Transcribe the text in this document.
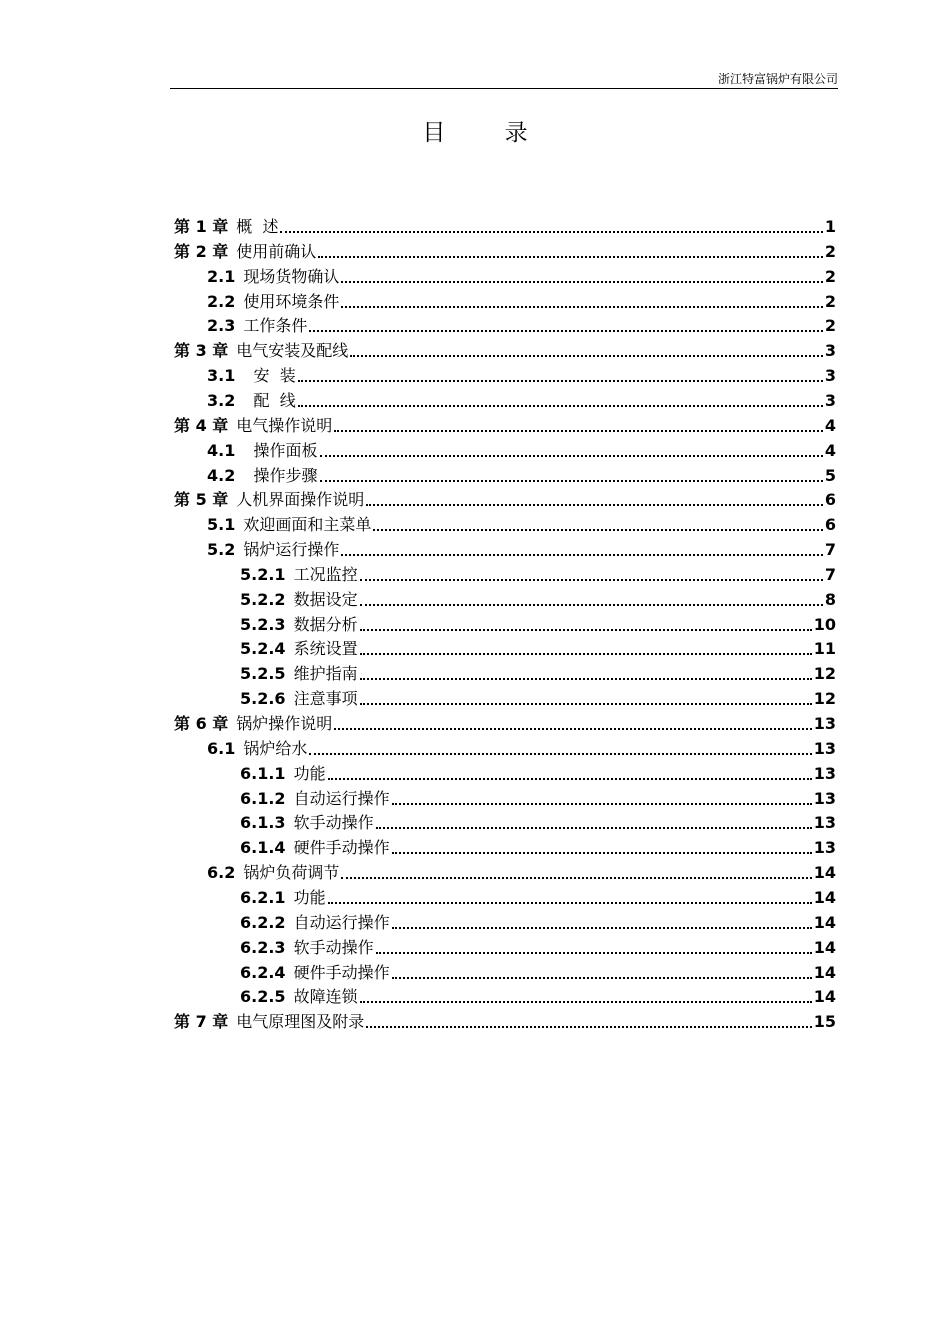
浙江特富锅炉有限公司
目	录
第 1 章 概  述	1
第 2 章 使用前确认	2
2.1 现场货物确认	2
2.2 使用环境条件	2
2.3 工作条件	2
第 3 章 电气安装及配线	3
3.1 安  装	3
3.2 配  线	3
第 4 章 电气操作说明	4
4.1 操作面板	4
4.2 操作步骤	5
第 5 章 人机界面操作说明	6
5.1 欢迎画面和主菜单	6
5.2 锅炉运行操作	7
5.2.1 工况监控	7
5.2.2 数据设定	8
5.2.3 数据分析	10
5.2.4 系统设置	11
5.2.5 维护指南	12
5.2.6 注意事项	12
第 6 章 锅炉操作说明	13
6.1 锅炉给水	13
6.1.1 功能	13
6.1.2 自动运行操作	13
6.1.3 软手动操作	13
6.1.4 硬件手动操作	13
6.2 锅炉负荷调节	14
6.2.1 功能	14
6.2.2 自动运行操作	14
6.2.3 软手动操作	14
6.2.4 硬件手动操作	14
6.2.5 故障连锁	14
第 7 章 电气原理图及附录	15
